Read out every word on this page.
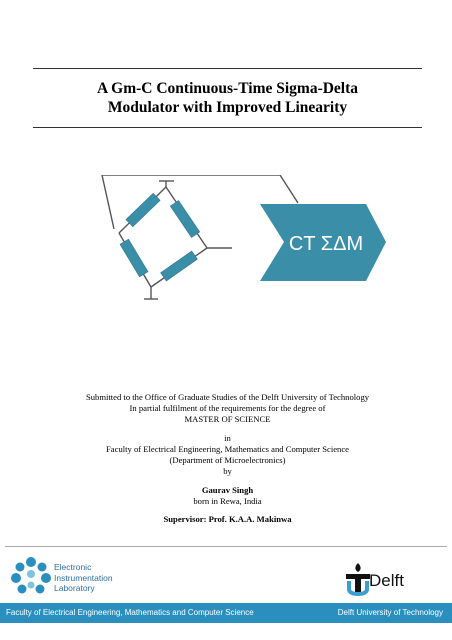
A Gm-C Continuous-Time Sigma-Delta
Modulator with Improved Linearity
CT ΣΔM
Submitted to the Office of Graduate Studies of the Delft University of Technology
In partial fulfilment of the requirements for the degree of
MASTER OF SCIENCE
in
Faculty of Electrical Engineering, Mathematics and Computer Science
(Department of Microelectronics)
by
Gaurav Singh
born in Rewa, India
Supervisor: Prof. K.A.A. Makinwa
Electronic
Instrumentation
Laboratory	Delft
Faculty of Electrical Engineering, Mathematics and Computer Science	Delft University of Technology
